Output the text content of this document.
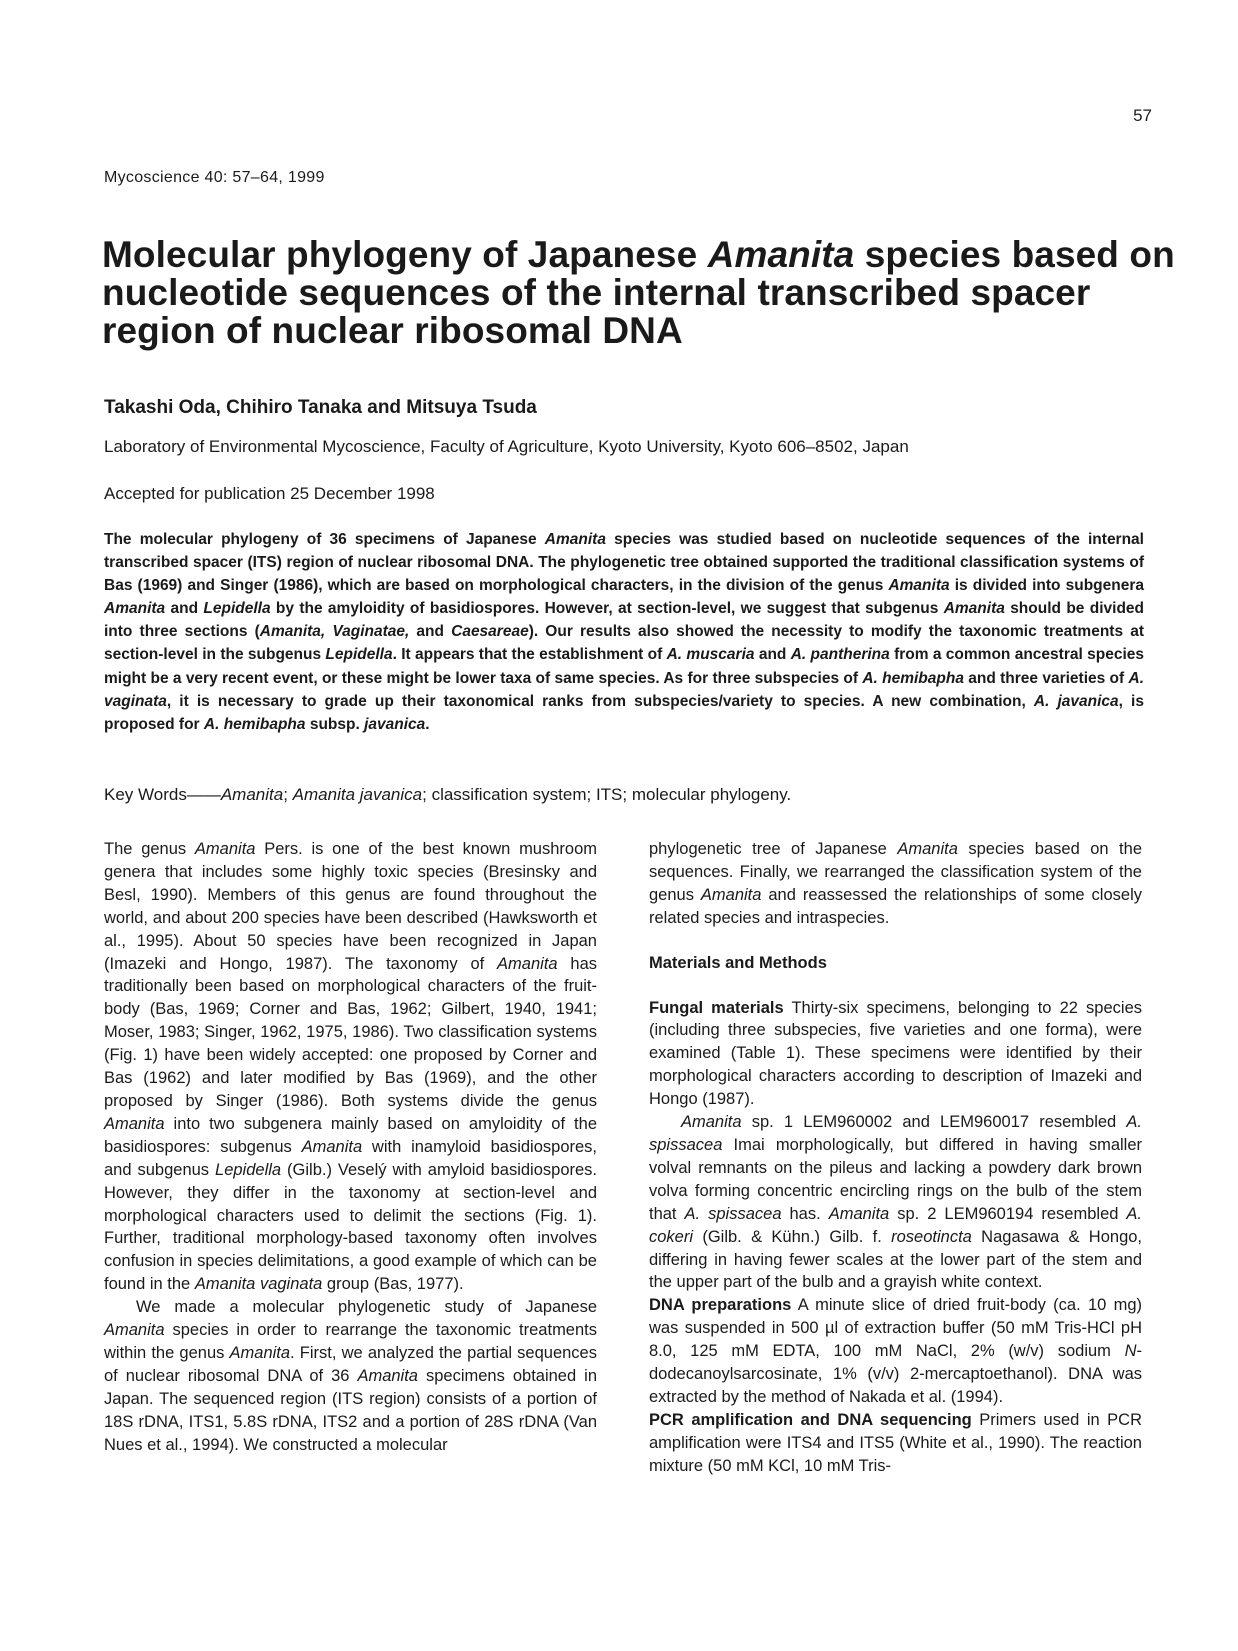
57
Mycoscience 40: 57–64, 1999
Molecular phylogeny of Japanese Amanita species based on
nucleotide sequences of the internal transcribed spacer
region of nuclear ribosomal DNA
Takashi Oda, Chihiro Tanaka and Mitsuya Tsuda
Laboratory of Environmental Mycoscience, Faculty of Agriculture, Kyoto University, Kyoto 606–8502, Japan
Accepted for publication 25 December 1998

The molecular phylogeny of 36 specimens of Japanese Amanita species was studied based on nucleotide sequences of the internal transcribed spacer (ITS) region of nuclear ribosomal DNA. The phylogenetic tree obtained supported the traditional classification systems of Bas (1969) and Singer (1986), which are based on morphological characters, in the division of the genus Amanita is divided into subgenera Amanita and Lepidella by the amyloidity of basidiospores. However, at section-level, we suggest that subgenus Amanita should be divided into three sections (Amanita, Vaginatae, and Caesareae). Our results also showed the necessity to modify the taxonomic treatments at section-level in the subgenus Lepidella. It appears that the establishment of A. muscaria and A. pantherina from a common ancestral species might be a very recent event, or these might be lower taxa of same species. As for three subspecies of A. hemibapha and three varieties of A. vaginata, it is necessary to grade up their taxonomical ranks from subspecies/variety to species. A new combination, A. javanica, is proposed for A. hemibapha subsp. javanica.

Key Words——Amanita; Amanita javanica; classification system; ITS; molecular phylogeny.

The genus Amanita Pers. is one of the best known mushroom genera that includes some highly toxic species (Bresinsky and Besl, 1990). Members of this genus are found throughout the world, and about 200 species have been described (Hawksworth et al., 1995). About 50 species have been recognized in Japan (Imazeki and Hongo, 1987). The taxonomy of Amanita has traditionally been based on morphological characters of the fruit-body (Bas, 1969; Corner and Bas, 1962; Gilbert, 1940, 1941; Moser, 1983; Singer, 1962, 1975, 1986). Two classification systems (Fig. 1) have been widely accepted: one proposed by Corner and Bas (1962) and later modified by Bas (1969), and the other proposed by Singer (1986). Both systems divide the genus Amanita into two subgenera mainly based on amyloidity of the basidiospores: subgenus Amanita with inamyloid basidiospores, and subgenus Lepidella (Gilb.) Veselý with amyloid basidiospores. However, they differ in the taxonomy at section-level and morphological characters used to delimit the sections (Fig. 1). Further, traditional morphology-based taxonomy often involves confusion in species delimitations, a good example of which can be found in the Amanita vaginata group (Bas, 1977).

We made a molecular phylogenetic study of Japanese Amanita species in order to rearrange the taxonomic treatments within the genus Amanita. First, we analyzed the partial sequences of nuclear ribosomal DNA of 36 Amanita specimens obtained in Japan. The sequenced region (ITS region) consists of a portion of 18S rDNA, ITS1, 5.8S rDNA, ITS2 and a portion of 28S rDNA (Van Nues et al., 1994). We constructed a molecular

phylogenetic tree of Japanese Amanita species based on the sequences. Finally, we rearranged the classification system of the genus Amanita and reassessed the relationships of some closely related species and intraspecies.

Materials and Methods

Fungal materials Thirty-six specimens, belonging to 22 species (including three subspecies, five varieties and one forma), were examined (Table 1). These specimens were identified by their morphological characters according to description of Imazeki and Hongo (1987).

Amanita sp. 1 LEM960002 and LEM960017 resembled A. spissacea Imai morphologically, but differed in having smaller volval remnants on the pileus and lacking a powdery dark brown volva forming concentric encircling rings on the bulb of the stem that A. spissacea has. Amanita sp. 2 LEM960194 resembled A. cokeri (Gilb. & Kühn.) Gilb. f. roseotincta Nagasawa & Hongo, differing in having fewer scales at the lower part of the stem and the upper part of the bulb and a grayish white context.

DNA preparations A minute slice of dried fruit-body (ca. 10 mg) was suspended in 500 µl of extraction buffer (50 mM Tris-HCl pH 8.0, 125 mM EDTA, 100 mM NaCl, 2% (w/v) sodium N-dodecanoylsarcosinate, 1% (v/v) 2-mercaptoethanol). DNA was extracted by the method of Nakada et al. (1994).

PCR amplification and DNA sequencing Primers used in PCR amplification were ITS4 and ITS5 (White et al., 1990). The reaction mixture (50 mM KCl, 10 mM Tris-
